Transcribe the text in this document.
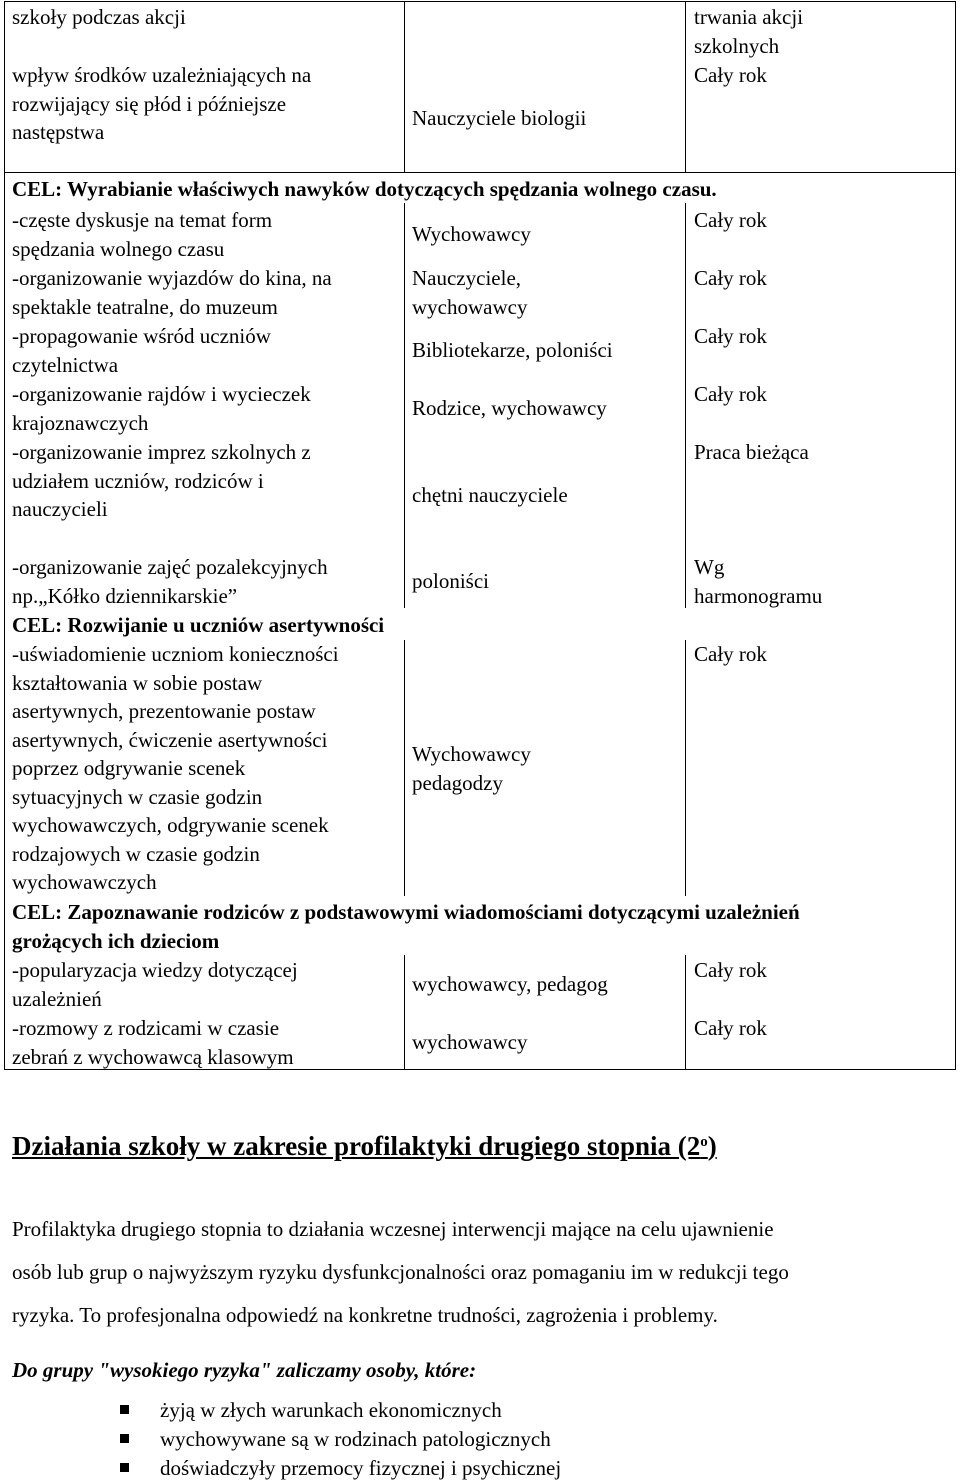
szkoły podczas akcji	trwania akcji
szkolnych
wpływ środków uzależniających na
rozwijający się płód i późniejsze
następstwa
Nauczyciele biologii
Cały rok
CEL: Wyrabianie właściwych nawyków dotyczących spędzania wolnego czasu.
-częste dyskusje na temat form
spędzania wolnego czasu
Wychowawcy
Cały rok
-organizowanie wyjazdów do kina, na
spektakle teatralne, do muzeum
Nauczyciele,
wychowawcy
Cały rok
-propagowanie wśród uczniów
czytelnictwa
Bibliotekarze, poloniści
Cały rok
-organizowanie rajdów i wycieczek
krajoznawczych
Rodzice, wychowawcy
Cały rok
-organizowanie imprez szkolnych z
udziałem uczniów, rodziców i
nauczycieli
chętni nauczyciele
Praca bieżąca
-organizowanie zajęć pozalekcyjnych
np.„Kółko dziennikarskie”
poloniści
Wg
harmonogramu
CEL: Rozwijanie u uczniów asertywności
-uświadomienie uczniom konieczności
kształtowania w sobie postaw
asertywnych, prezentowanie postaw
asertywnych, ćwiczenie asertywności
poprzez odgrywanie scenek
sytuacyjnych w czasie godzin
wychowawczych, odgrywanie scenek
rodzajowych w czasie godzin
wychowawczych
Wychowawcy
pedagodzy
Cały rok
CEL: Zapoznawanie rodziców z podstawowymi wiadomościami dotyczącymi uzależnień
grożących ich dzieciom
-popularyzacja wiedzy dotyczącej
uzależnień
wychowawcy, pedagog
Cały rok
-rozmowy z rodzicami w czasie
zebrań z wychowawcą klasowym
wychowawcy
Cały rok
Działania szkoły w zakresie profilaktyki drugiego stopnia (2$^o$)
Profilaktyka drugiego stopnia to działania wczesnej interwencji mające na celu ujawnienie
osób lub grup o najwyższym ryzyku dysfunkcjonalności oraz pomaganiu im w redukcji tego
ryzyka. To profesjonalna odpowiedź na konkretne trudności, zagrożenia i problemy.
Do grupy "wysokiego ryzyka" zaliczamy osoby, które:
żyją w złych warunkach ekonomicznych
wychowywane są w rodzinach patologicznych
doświadczyły przemocy fizycznej i psychicznej
